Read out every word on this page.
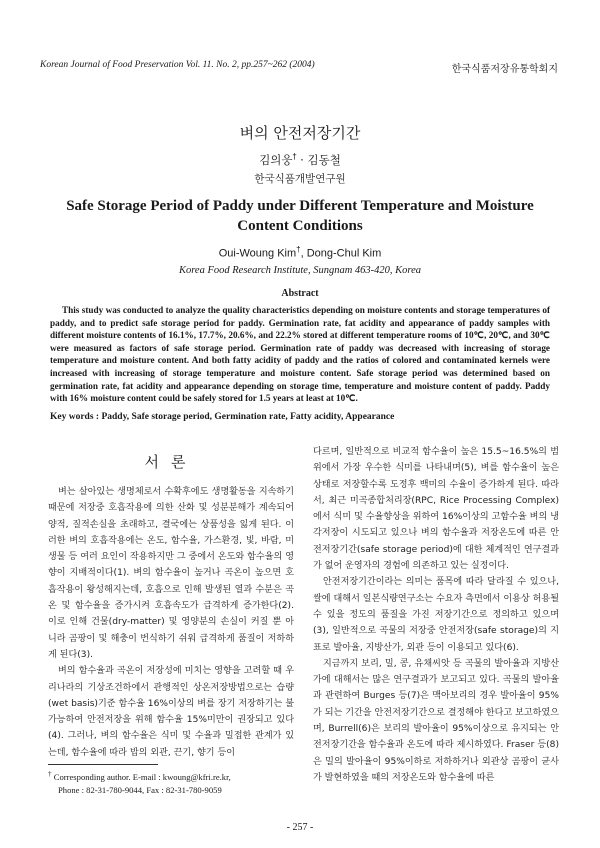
Korean Journal of Food Preservation Vol. 11. No. 2, pp.257~262 (2004)	한국식품저장유통학회지
벼의 안전저장기간
김의웅† · 김동철
한국식품개발연구원
Safe Storage Period of Paddy under Different Temperature and Moisture Content Conditions
Oui-Woung Kim†, Dong-Chul Kim
Korea Food Research Institute, Sungnam 463-420, Korea
Abstract
This study was conducted to analyze the quality characteristics depending on moisture contents and storage temperatures of paddy, and to predict safe storage period for paddy. Germination rate, fat acidity and appearance of paddy samples with different moisture contents of 16.1%, 17.7%, 20.6%, and 22.2% stored at different temperature rooms of 10℃, 20℃, and 30℃ were measured as factors of safe storage period. Germination rate of paddy was decreased with increasing of storage temperature and moisture content. And both fatty acidity of paddy and the ratios of colored and contaminated kernels were increased with increasing of storage temperature and moisture content. Safe storage period was determined based on germination rate, fat acidity and appearance depending on storage time, temperature and moisture content of paddy. Paddy with 16% moisture content could be safely stored for 1.5 years at least at 10℃.
Key words : Paddy, Safe storage period, Germination rate, Fatty acidity, Appearance
서론

벼는 살아있는 생명체로서 수확후에도 생명활동을 지속하기 때문에 저장중 호흡작용에 의한 산화 및 성분분해가 계속되어 양적, 질적손실을 초래하고, 결국에는 상품성을 잃게 된다. 이러한 벼의 호흡작용에는 온도, 함수율, 가스환경, 빛, 바람, 미생물 등 여러 요인이 작용하지만 그 중에서 온도와 함수율의 영향이 지배적이다(1). 벼의 함수율이 높거나 곡온이 높으면 호흡작용이 왕성해지는데, 호흡으로 인해 발생된 열과 수분은 곡온 및 함수율을 증가시켜 호흡속도가 급격하게 증가한다(2). 이로 인해 건물(dry-matter) 및 영양분의 손실이 커질 뿐 아니라 곰팡이 및 해충이 번식하기 쉬워 급격하게 품질이 저하하게 된다(3).

벼의 함수율과 곡온이 저장성에 미치는 영향을 고려할 때 우리나라의 기상조건하에서 관행적인 상온저장방법으로는 습량(wet basis)기준 함수율 16%이상의 벼를 장기 저장하기는 불가능하여 안전저장을 위해 함수율 15%미만이 권장되고 있다(4). 그러나, 벼의 함수율은 식미 및 수율과 밀접한 관계가 있는데, 함수율에 따라 밥의 외관, 끈기, 향기 등이

다르며, 일반적으로 비교적 함수율이 높은 15.5~16.5%의 범위에서 가장 우수한 식미를 나타내며(5), 벼를 함수율이 높은 상태로 저장할수록 도정후 백미의 수율이 증가하게 된다. 따라서, 최근 미곡종합처리장(RPC, Rice Processing Complex)에서 식미 및 수율향상을 위하여 16%이상의 고함수율 벼의 냉각저장이 시도되고 있으나 벼의 함수율과 저장온도에 따른 안전저장기간(safe storage period)에 대한 체계적인 연구결과가 없어 운영자의 경험에 의존하고 있는 실정이다.

안전저장기간이라는 의미는 품목에 따라 달라질 수 있으나, 쌀에 대해서 일본식량연구소는 수요자 측면에서 이용상 허용될 수 있을 정도의 품질을 가진 저장기간으로 정의하고 있으며(3), 일반적으로 곡물의 저장중 안전저장(safe storage)의 지표로 발아율, 지방산가, 외관 등이 이용되고 있다(6).

지금까지 보리, 밀, 콩, 유채씨앗 등 곡물의 발아율과 지방산가에 대해서는 많은 연구결과가 보고되고 있다. 곡물의 발아율과 관련하여 Burges 등(7)은 맥아보리의 경우 발아율이 95%가 되는 기간을 안전저장기간으로 결정해야 한다고 보고하였으며, Burrell(6)은 보리의 발아율이 95%이상으로 유지되는 안전저장기간을 함수율과 온도에 따라 제시하였다. Fraser 등(8)은 밀의 발아율이 95%이하로 저하하거나 외관상 곰팡이 균사가 발현하였을 때의 저장온도와 함수율에 따른

† Corresponding author. E-mail : kwoung@kfri.re.kr,
Phone : 82-31-780-9044, Fax : 82-31-780-9059
- 257 -
